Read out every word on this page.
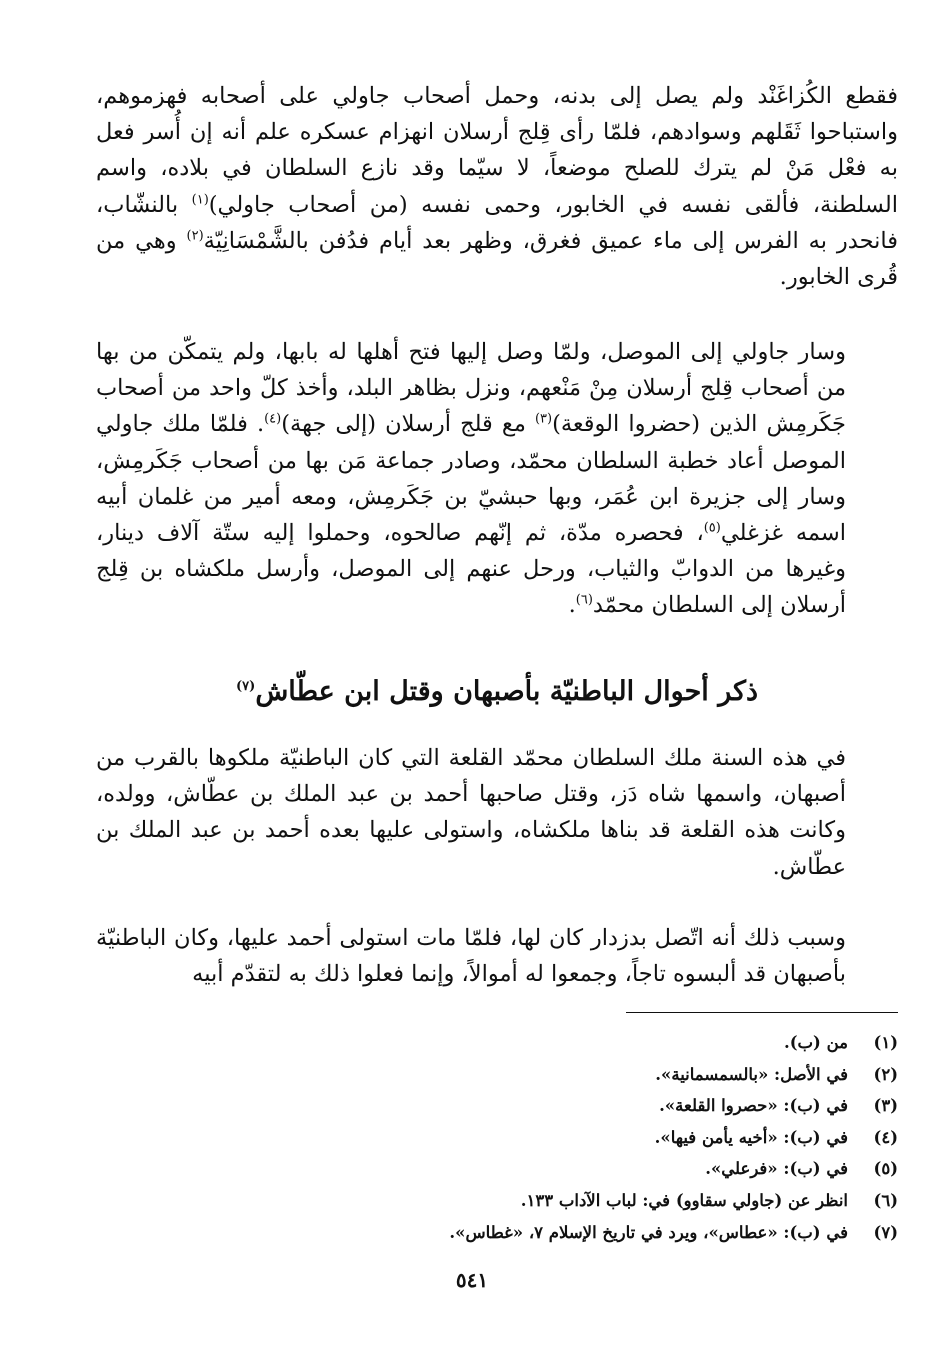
فقطع الكُزاغَنْد ولم يصل إلى بدنه، وحمل أصحاب جاولي على أصحابه فهزموهم، واستباحوا ثَقَلهم وسوادهم، فلمّا رأى قِلج أرسلان انهزام عسكره علم أنه إن أُسر فعل به فعْل مَنْ لم يترك للصلح موضعاً، لا سيّما وقد نازع السلطان في بلاده، واسم السلطنة، فألقى نفسه في الخابور، وحمى نفسه (من أصحاب جاولي)$^{(١)}$ بالنشّاب، فانحدر به الفرس إلى ماء عميق فغرق، وظهر بعد أيام فدُفن بالشَّمْسَانِيّة$^{(٢)}$ وهي من قُرى الخابور.

وسار جاولي إلى الموصل، ولمّا وصل إليها فتح أهلها له بابها، ولم يتمكّن من بها من أصحاب قِلج أرسلان مِنْ مَنْعهم، ونزل بظاهر البلد، وأخذ كلّ واحد من أصحاب جَكَرمِش الذين (حضروا الوقعة)$^{(٣)}$ مع قلج أرسلان (إلى جهة)$^{(٤)}$. فلمّا ملك جاولي الموصل أعاد خطبة السلطان محمّد، وصادر جماعة مَن بها من أصحاب جَكَرمِش، وسار إلى جزيرة ابن عُمَر، وبها حبشيّ بن جَكَرمِش، ومعه أمير من غلمان أبيه اسمه غزغلي$^{(٥)}$، فحصره مدّة، ثم إنّهم صالحوه، وحملوا إليه ستّة آلاف دينار، وغيرها من الدوابّ والثياب، ورحل عنهم إلى الموصل، وأرسل ملكشاه بن قِلج أرسلان إلى السلطان محمّد$^{(٦)}$.

ذكر أحوال الباطنيّة بأصبهان وقتل ابن عطّاش$^{(٧)}$

في هذه السنة ملك السلطان محمّد القلعة التي كان الباطنيّة ملكوها بالقرب من أصبهان، واسمها شاه دَز، وقتل صاحبها أحمد بن عبد الملك بن عطّاش، وولده، وكانت هذه القلعة قد بناها ملكشاه، واستولى عليها بعده أحمد بن عبد الملك بن عطّاش.

وسبب ذلك أنه اتّصل بدزدار كان لها، فلمّا مات استولى أحمد عليها، وكان الباطنيّة بأصبهان قد ألبسوه تاجاً، وجمعوا له أموالاً، وإنما فعلوا ذلك به لتقدّم أبيه

(١)
من (ب).
(٢)
في الأصل: «بالسمسمانية».
(٣)
في (ب): «حصروا القلعة».
(٤)
في (ب): «أخيه يأمن فيها».
(٥)
في (ب): «فرعلي».
(٦)
انظر عن (جاولي سقاوو) في: لباب الآداب ١٣٣.
(٧)
في (ب): «عطاس»، ويرد في تاريخ الإسلام ٧، «غطاس».
٥٤١
